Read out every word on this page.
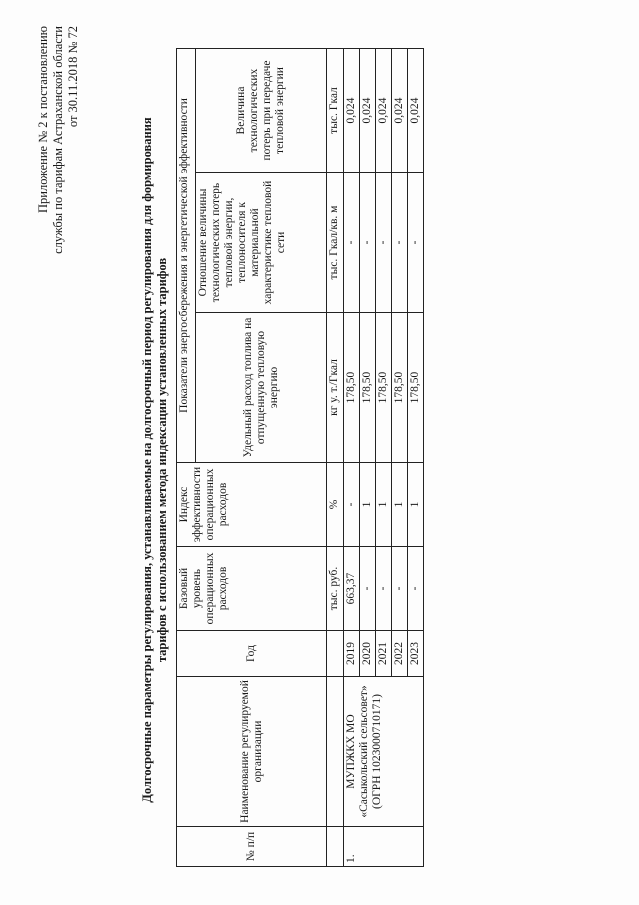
Приложение № 2 к постановлению службы по тарифам Астраханской области от 30.11.2018 № 72
Долгосрочные параметры регулирования, устанавливаемые на долгосрочный период регулирования для формирования тарифов с использованием метода индексации установленных тарифов
№ п/п	Наименование регулируемой организации	Год	Базовый уровень операционных расходов	Индекс эффективности операционных расходов	Показатели энергосбережения и энергетической эффективности		
					Удельный расход топлива на отпущенную тепловую энергию	Отношение величины технологических потерь тепловой энергии, теплоносителя к материальной характеристике тепловой сети	Величина технологических потерь при передаче тепловой энергии
			тыс. руб.	%	кг у. т./Гкал	тыс. Гкал/кв. м	тыс. Гкал
1.	МУПЖКХ МО «Сасыкольский сельсовет» (ОГРН 1023000710171)	2019	663,37	-	178,50	-	0,024
		2020	-	1	178,50	-	0,024
		2021	-	1	178,50	-	0,024
		2022	-	1	178,50	-	0,024
		2023	-	1	178,50	-	0,024
